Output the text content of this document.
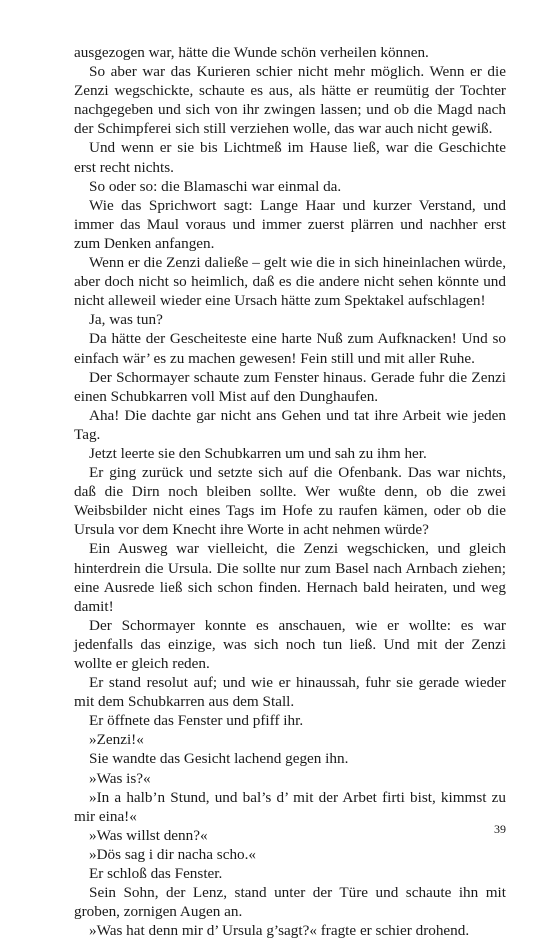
ausgezogen war, hätte die Wunde schön verheilen können.

So aber war das Kurieren schier nicht mehr möglich. Wenn er die Zenzi wegschickte, schaute es aus, als hätte er reumütig der Tochter nachgegeben und sich von ihr zwingen lassen; und ob die Magd nach der Schimpferei sich still verziehen wolle, das war auch nicht gewiß.

Und wenn er sie bis Lichtmeß im Hause ließ, war die Geschichte erst recht nichts.

So oder so: die Blamaschi war einmal da.

Wie das Sprichwort sagt: Lange Haar und kurzer Verstand, und immer das Maul voraus und immer zuerst plärren und nachher erst zum Denken anfangen.

Wenn er die Zenzi daließe – gelt wie die in sich hineinlachen würde, aber doch nicht so heimlich, daß es die andere nicht sehen könnte und nicht alleweil wieder eine Ursach hätte zum Spektakel aufschlagen!

Ja, was tun?

Da hätte der Gescheiteste eine harte Nuß zum Aufknacken! Und so einfach wär’ es zu machen gewesen! Fein still und mit aller Ruhe.

Der Schormayer schaute zum Fenster hinaus. Gerade fuhr die Zenzi einen Schubkarren voll Mist auf den Dunghaufen.

Aha! Die dachte gar nicht ans Gehen und tat ihre Arbeit wie jeden Tag.

Jetzt leerte sie den Schubkarren um und sah zu ihm her.

Er ging zurück und setzte sich auf die Ofenbank. Das war nichts, daß die Dirn noch bleiben sollte. Wer wußte denn, ob die zwei Weibsbilder nicht eines Tags im Hofe zu raufen kämen, oder ob die Ursula vor dem Knecht ihre Worte in acht nehmen würde?

Ein Ausweg war vielleicht, die Zenzi wegschicken, und gleich hinterdrein die Ursula. Die sollte nur zum Basel nach Arnbach ziehen; eine Ausrede ließ sich schon finden. Hernach bald heiraten, und weg damit!

Der Schormayer konnte es anschauen, wie er wollte: es war jedenfalls das einzige, was sich noch tun ließ. Und mit der Zenzi wollte er gleich reden.

Er stand resolut auf; und wie er hinaussah, fuhr sie gerade wieder mit dem Schubkarren aus dem Stall.

Er öffnete das Fenster und pfiff ihr.

»Zenzi!«

Sie wandte das Gesicht lachend gegen ihn.

»Was is?«

»In a halb’n Stund, und bal’s d’ mit der Arbet firti bist, kimmst zu mir eina!«

»Was willst denn?«

»Dös sag i dir nacha scho.«

Er schloß das Fenster.

Sein Sohn, der Lenz, stand unter der Türe und schaute ihn mit groben, zornigen Augen an.

»Was hat denn mir d’ Ursula g’sagt?« fragte er schier drohend.

39
